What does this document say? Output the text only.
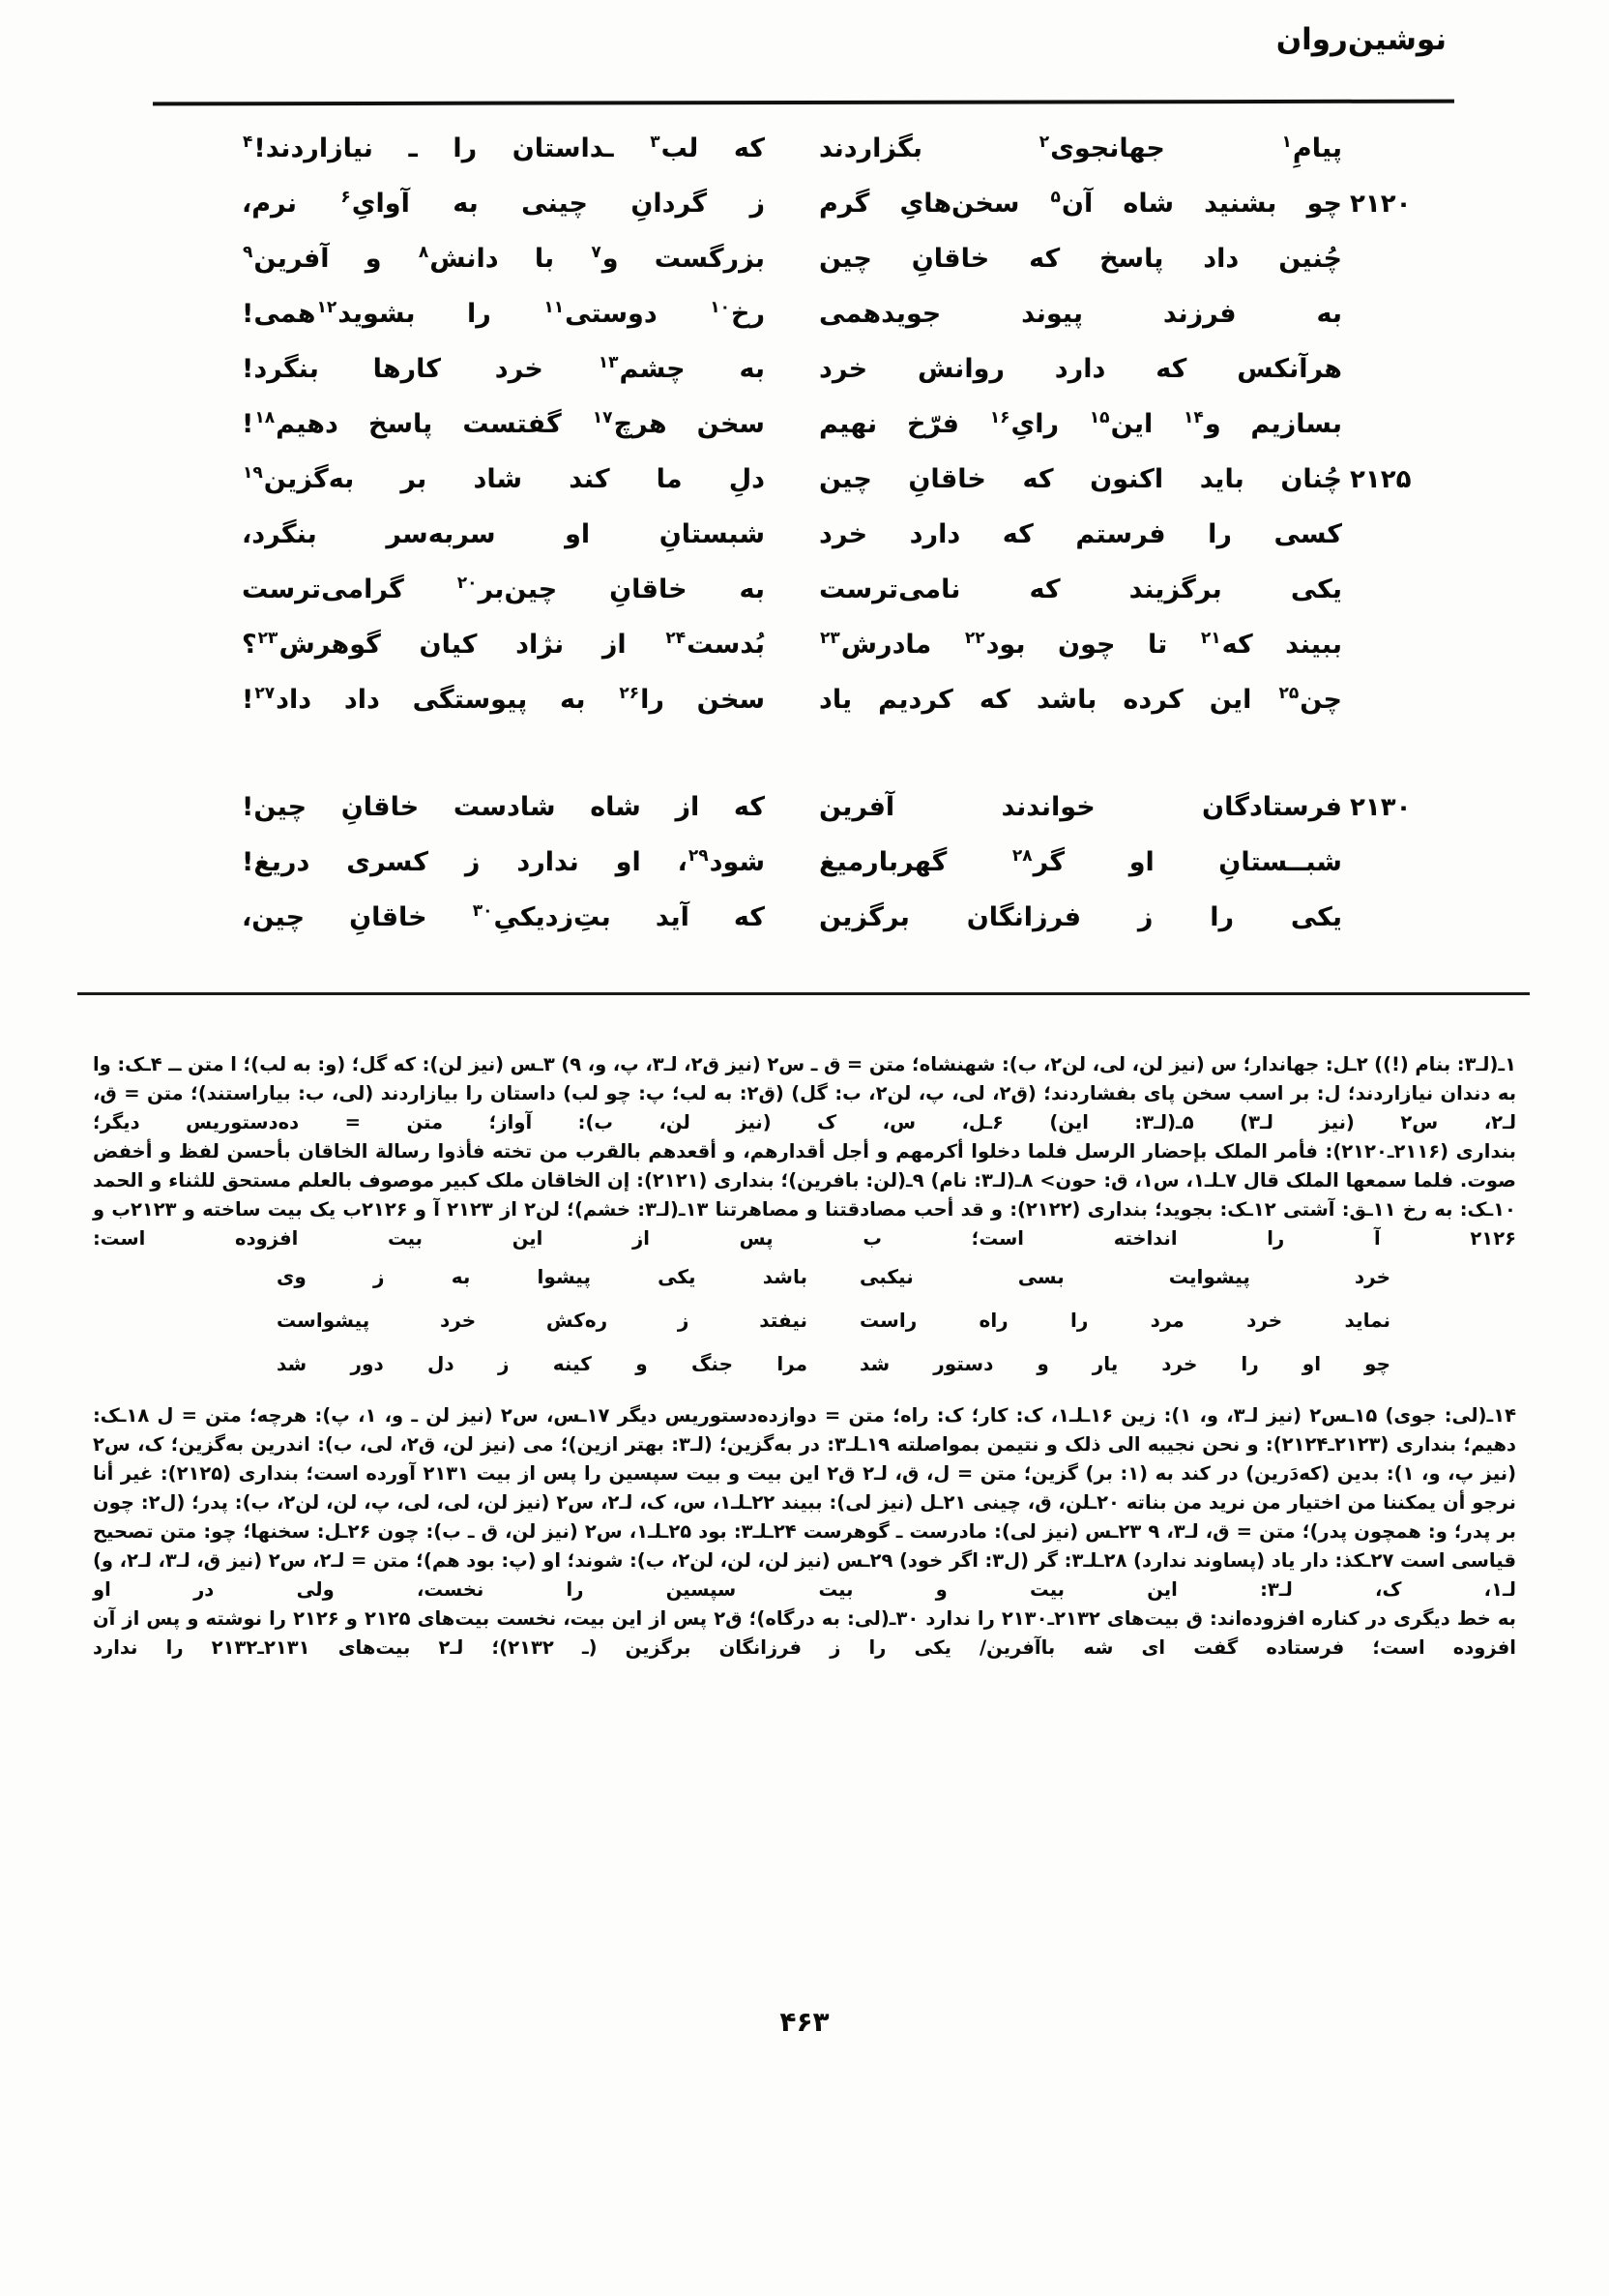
نوشین‌روان
پیامِ$^۱$ جهانجوی$^۲$ بگزاردند
که لب$^۳$ ـداستان را ـ نیازاردند!$^۴$
۲۱۲۰
چو بشنید شاه آن$^۵$ سخن‌هایِ گرم
ز گردانِ چینی به آوایِ$^۶$ نرم،
چُنین داد پاسخ که خاقانِ چین
بزرگست و$^۷$ با دانش$^۸$ و آفرین$^۹$
به فرزند پیوند جویدهمی
رخ$^{۱۰}$ دوستی$^{۱۱}$ را بشوید$^{۱۲}$همی!
هرآنکس که دارد روانش خرد
به چشم$^{۱۳}$ خرد کارها بنگرد!
بسازیم و$^{۱۴}$ این$^{۱۵}$ رایِ$^{۱۶}$ فرّخ نهیم
سخن هرچ$^{۱۷}$ گفتست پاسخ دهیم$^{۱۸}$!
۲۱۲۵
چُنان باید اکنون که خاقانِ چین
دلِ ما کند شاد بر به‌گزین$^{۱۹}$
کسی را فرستم که دارد خرد
شبستانِ او سربه‌سر بنگرد،
یکی برگزیند که نامی‌ترست
به خاقانِ چین‌بر$^{۲۰}$ گرامی‌ترست
ببیند که$^{۲۱}$ تا چون بود$^{۲۲}$ مادرش$^{۲۳}$
بُدست$^{۲۴}$ از نژاد کیان گوهرش$^{۲۳}$؟
چن$^{۲۵}$ این کرده باشد که کردیم یاد
سخن را$^{۲۶}$ به پیوستگی داد داد$^{۲۷}$!
۲۱۳۰
فرستادگان خواندند آفرین
که از شاه شادست خاقانِ چین!
شبــستانِ او گر$^{۲۸}$ گهربارمیغ
شود$^{۲۹}$، او ندارد ز کسری دریغ!
یکی را ز فرزانگان برگزین
که آید بتِ‌زدیکیِ$^{۳۰}$ خاقانِ چین،

۱ـ(لـ۳: بنام (!)) ۲ـل: جهاندار؛ س (نیز لن، لی، لن۲، ب): شهنشاه؛ متن = ق ـ س۲ (نیز ق۲، لـ۳، پ، و، ۹) ۳ـس (نیز لن): که گل؛ (و: به لب)؛ ا متن ــ ۴ـک: وا به دندان نیازاردند؛ ل: بر اسب سخن پای بفشاردند؛ (ق۲، لی، پ، لن۲، ب: گل) (ق۲: به لب؛ پ: چو لب) داستان را بیازاردند (لی، ب: بیاراستند)؛ متن = ق، لـ۲، س۲ (نیز لـ۳) ۵ـ(لـ۳: این) ۶ـل، س، ک (نیز لن، ب): آواز؛ متن = ده‌دستوریس دیگر؛

بنداری (۲۱۱۶ـ۲۱۲۰): فأمر الملک بإحضار الرسل فلما دخلوا أکرمهم و أجل أقدارهم، و أقعدهم بالقرب من تخته فأذوا رسالة الخاقان بأحسن لفظ و أخفض صوت. فلما سمعها الملک قال ۷ـلـ۱، س۱، ق: حون> ۸ـ(لـ۳: نام) ۹ـ(لن: بافرین)؛ بنداری (۲۱۲۱): إن الخاقان ملک کبیر موصوف بالعلم مستحق للثناء و الحمد ۱۰ـک: به رخ ۱۱ـق: آشتی ۱۲ـک: بجوید؛ بنداری (۲۱۲۲): و قد أحب مصادقتنا و مصاهرتنا ۱۳ـ(لـ۳: خشم)؛ لن۲ از ۲۱۲۳ آ و ۲۱۲۶ب یک بیت ساخته و ۲۱۲۳ب و ۲۱۲۶ آ را انداخته است؛ ب پس از این بیت افزوده است:

خرد پیشوایت بسی نیکبی
باشد یکی پیشوا به ز وی
نماید خرد مرد را راه راست
نیفتد ز ره‌کش خرد پیشواست
چو او را خرد یار و دستور شد
مرا جنگ و کینه ز دل دور شد

۱۴ـ(لی: جوی) ۱۵ـس۲ (نیز لـ۳، و، ۱): زین ۱۶ـلـ۱، ک: کار؛ ک: راه؛ متن = دوازده‌دستوریس دیگر ۱۷ـس، س۲ (نیز لن ـ و، ۱، پ): هرچه؛ متن = ل ۱۸ـک: دهیم؛ بنداری (۲۱۲۳ـ۲۱۲۴): و نحن نجیبه الی ذلک و نتیمن بمواصلته ۱۹ـلـ۳: در به‌گزین؛ (لـ۳: بهتر ازین)؛ می (نیز لن، ق۲، لی، ب): اندرین به‌گزین؛ ک، س۲ (نیز پ، و، ۱): بدین (که‌دَرین) در کند به (۱: بر) گزین؛ متن = ل، ق، لـ۲ ق۲ این بیت و بیت سپسین را پس از بیت ۲۱۳۱ آورده است؛ بنداری (۲۱۲۵): غیر أنا نرجو أن یمکننا من اختیار من نرید من بناته ۲۰ـلن، ق، چینی ۲۱ـل (نیز لی): ببیند ۲۲ـلـ۱، س، ک، لـ۲، س۲ (نیز لن، لی، لی، پ، لن، لن۲، ب): پدر؛ (ل۲: چون بر پدر؛ و: همچون پدر)؛ متن = ق، لـ۳، ۹ ۲۳ـس (نیز لی): مادرست ـ گوهرست ۲۴ـلـ۳: بود ۲۵ـلـ۱، س۲ (نیز لن، ق ـ ب): چون ۲۶ـل: سخنها؛ چو: متن تصحیح قیاسی است ۲۷ـکذ: دار یاد (پساوند ندارد) ۲۸ـلـ۳: گر (ل۳: اگر خود) ۲۹ـس (نیز لن، لن، لن۲، ب): شوند؛ او (پ: بود هم)؛ متن = لـ۲، س۲ (نیز ق، لـ۳، لـ۲، و) لـ۱، ک، لـ۳: این بیت و بیت سپسین را نخست، ولی در او

به خط دیگری در کناره افزوده‌اند: ق بیت‌های ۲۱۳۲ـ۲۱۳۰ را ندارد ۳۰ـ(لی: به درگاه)؛ ق۲ پس از این بیت، نخست بیت‌های ۲۱۲۵ و ۲۱۲۶ را نوشته و پس از آن افزوده است؛ فرستاده گفت ای شه باآفرین/ یکی را ز فرزانگان برگزین (ـ ۲۱۳۲)؛ لـ۲ بیت‌های ۲۱۳۱ـ۲۱۳۲ را ندارد

۴۶۳
